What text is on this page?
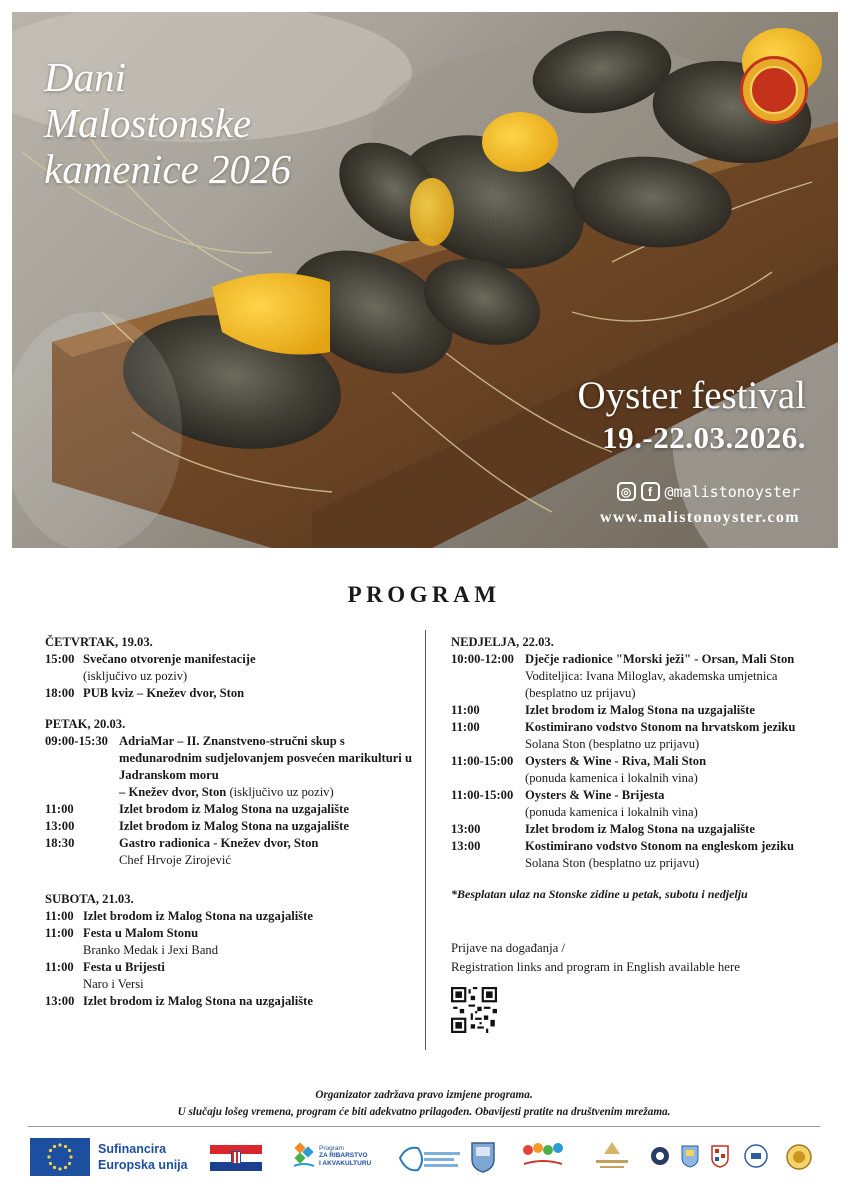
Dani
Malostonske
kamenice 2026
Oyster festival
19.-22.03.2026.
◎	f @malistonoyster
www.malistonoyster.com
PROGRAM
ČETVRTAK, 19.03.
15:00 Svečano otvorenje manifestacije
(isključivo uz poziv)
18:00 PUB kviz – Knežev dvor, Ston
PETAK, 20.03.
09:00-15:30 AdriaMar – II. Znanstveno-stručni skup s međunarodnim sudjelovanjem posvećen marikulturi u Jadranskom moru
– Knežev dvor, Ston (isključivo uz poziv)
11:00	Izlet brodom iz Malog Stona na uzgajalište
13:00	Izlet brodom iz Malog Stona na uzgajalište
18:30	Gastro radionica - Knežev dvor, Ston
Chef Hrvoje Zirojević
SUBOTA, 21.03.
11:00 Izlet brodom iz Malog Stona na uzgajalište
11:00 Festa u Malom Stonu
Branko Medak i Jexi Band
11:00 Festa u Brijesti
Naro i Versi
13:00 Izlet brodom iz Malog Stona na uzgajalište
NEDJELJA, 22.03.
10:00-12:00 Dječje radionice "Morski ježi" - Orsan, Mali Ston
Voditeljica: Ivana Miloglav, akademska umjetnica
(besplatno uz prijavu)
11:00	Izlet brodom iz Malog Stona na uzgajalište
11:00	Kostimirano vodstvo Stonom na hrvatskom jeziku
Solana Ston (besplatno uz prijavu)
11:00-15:00 Oysters & Wine - Riva, Mali Ston
(ponuda kamenica i lokalnih vina)
11:00-15:00 Oysters & Wine - Brijesta
(ponuda kamenica i lokalnih vina)
13:00	Izlet brodom iz Malog Stona na uzgajalište
13:00	Kostimirano vodstvo Stonom na engleskom jeziku
Solana Ston (besplatno uz prijavu)
*Besplatan ulaz na Stonske zidine u petak, subotu i nedjelju
Prijave na događanja /
Registration links and program in English available here
Organizator zadržava pravo izmjene programa.
U slučaju lošeg vremena, program će biti adekvatno prilagođen. Obavijesti pratite na društvenim mrežama.
Sufinancira
Europska unija
Program
ZA RIBARSTVO
I AKVAKULTURU
